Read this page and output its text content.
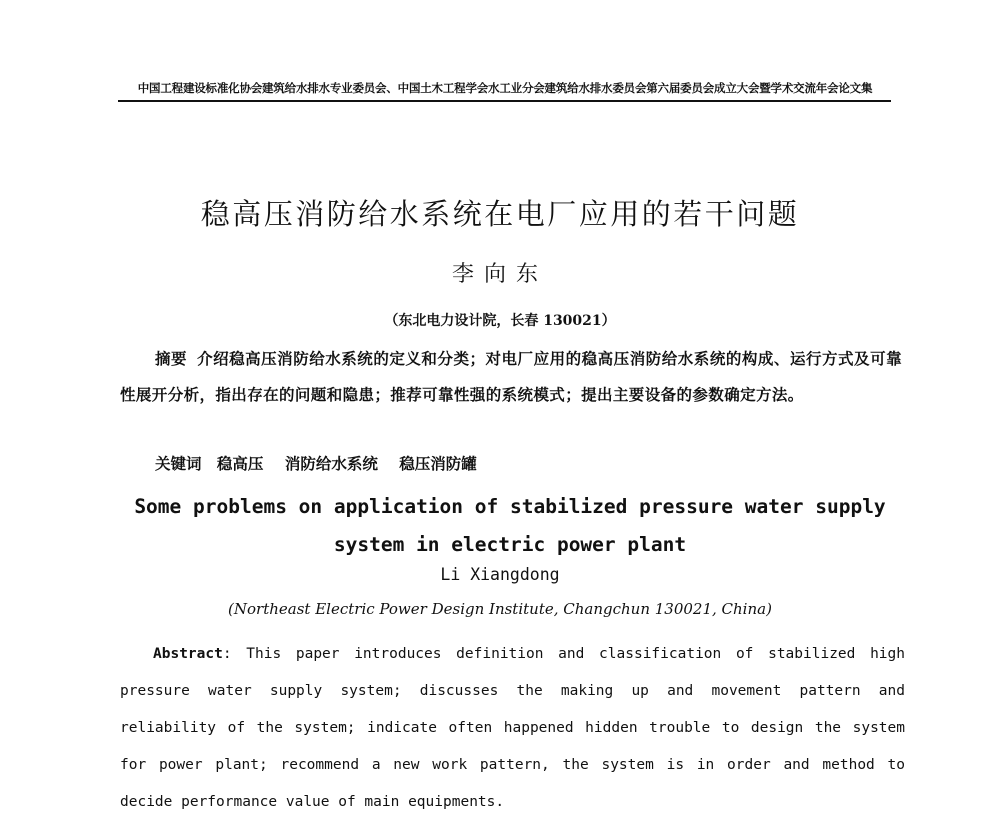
中国工程建设标准化协会建筑给水排水专业委员会、中国土木工程学会水工业分会建筑给水排水委员会第六届委员会成立大会暨学术交流年会论文集
稳高压消防给水系统在电厂应用的若干问题
李向东
（东北电力设计院，长春 130021）
摘要 介绍稳高压消防给水系统的定义和分类；对电厂应用的稳高压消防给水系统的构成、运行方式及可靠性展开分析，指出存在的问题和隐患；推荐可靠性强的系统模式；提出主要设备的参数确定方法。
关键词 稳高压 消防给水系统 稳压消防罐
Some problems on application of stabilized pressure water supply system in electric power plant
Li Xiangdong
(Northeast Electric Power Design Institute, Changchun 130021, China)
Abstract: This paper introduces definition and classification of stabilized high pressure water supply system; discusses the making up and movement pattern and reliability of the system; indicate often happened hidden trouble to design the system for power plant; recommend a new work pattern, the system is in order and method to decide performance value of main equipments.
